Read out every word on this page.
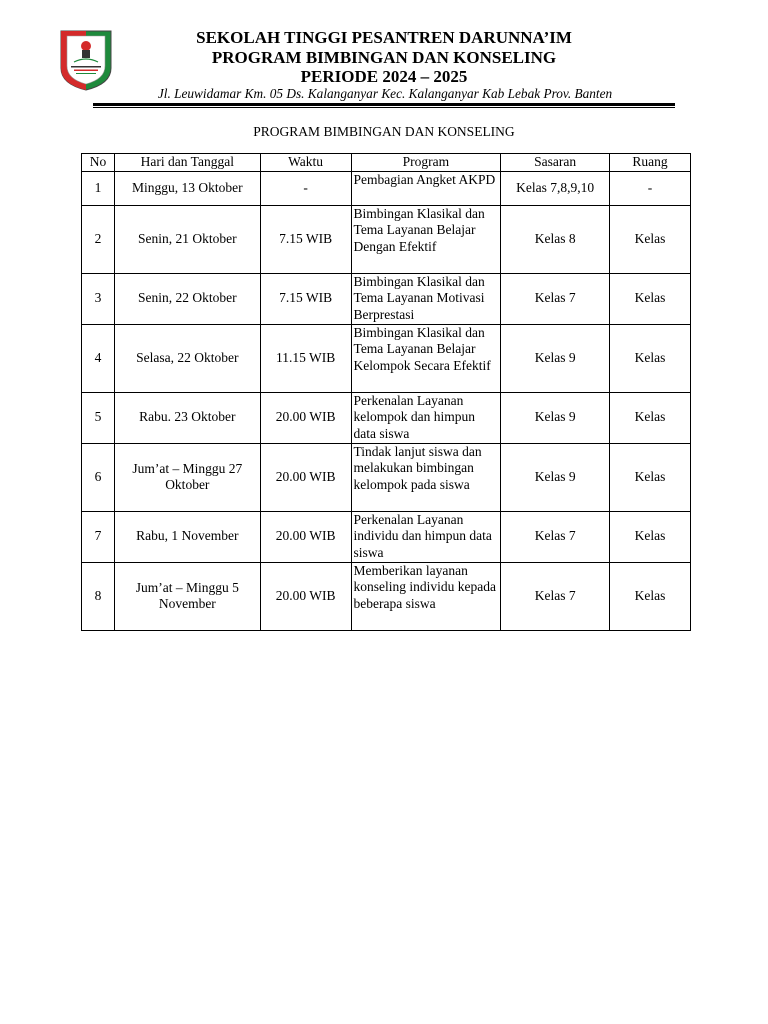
SEKOLAH TINGGI PESANTREN DARUNNA’IM
PROGRAM BIMBINGAN DAN KONSELING
PERIODE 2024 – 2025
Jl. Leuwidamar Km. 05 Ds. Kalanganyar Kec. Kalanganyar Kab Lebak Prov. Banten
PROGRAM BIMBINGAN DAN KONSELING
No	Hari dan Tanggal	Waktu	Program	Sasaran	Ruang
1	Minggu, 13 Oktober	-	Pembagian Angket AKPD	Kelas 7,8,9,10	-
2	Senin, 21 Oktober	7.15 WIB	Bimbingan Klasikal dan Tema Layanan Belajar Dengan Efektif	Kelas 8	Kelas
3	Senin, 22 Oktober	7.15 WIB	Bimbingan Klasikal dan Tema Layanan Motivasi Berprestasi	Kelas 7	Kelas
4	Selasa, 22 Oktober	11.15 WIB	Bimbingan Klasikal dan Tema Layanan Belajar Kelompok Secara Efektif	Kelas 9	Kelas
5	Rabu. 23 Oktober	20.00 WIB	Perkenalan Layanan kelompok dan himpun data siswa	Kelas 9	Kelas
6	Jum’at – Minggu 27 Oktober	20.00 WIB	Tindak lanjut siswa dan melakukan bimbingan kelompok pada siswa	Kelas 9	Kelas
7	Rabu, 1 November	20.00 WIB	Perkenalan Layanan individu dan himpun data siswa	Kelas 7	Kelas
8	Jum’at – Minggu 5 November	20.00 WIB	Memberikan layanan konseling individu kepada beberapa siswa	Kelas 7	Kelas
